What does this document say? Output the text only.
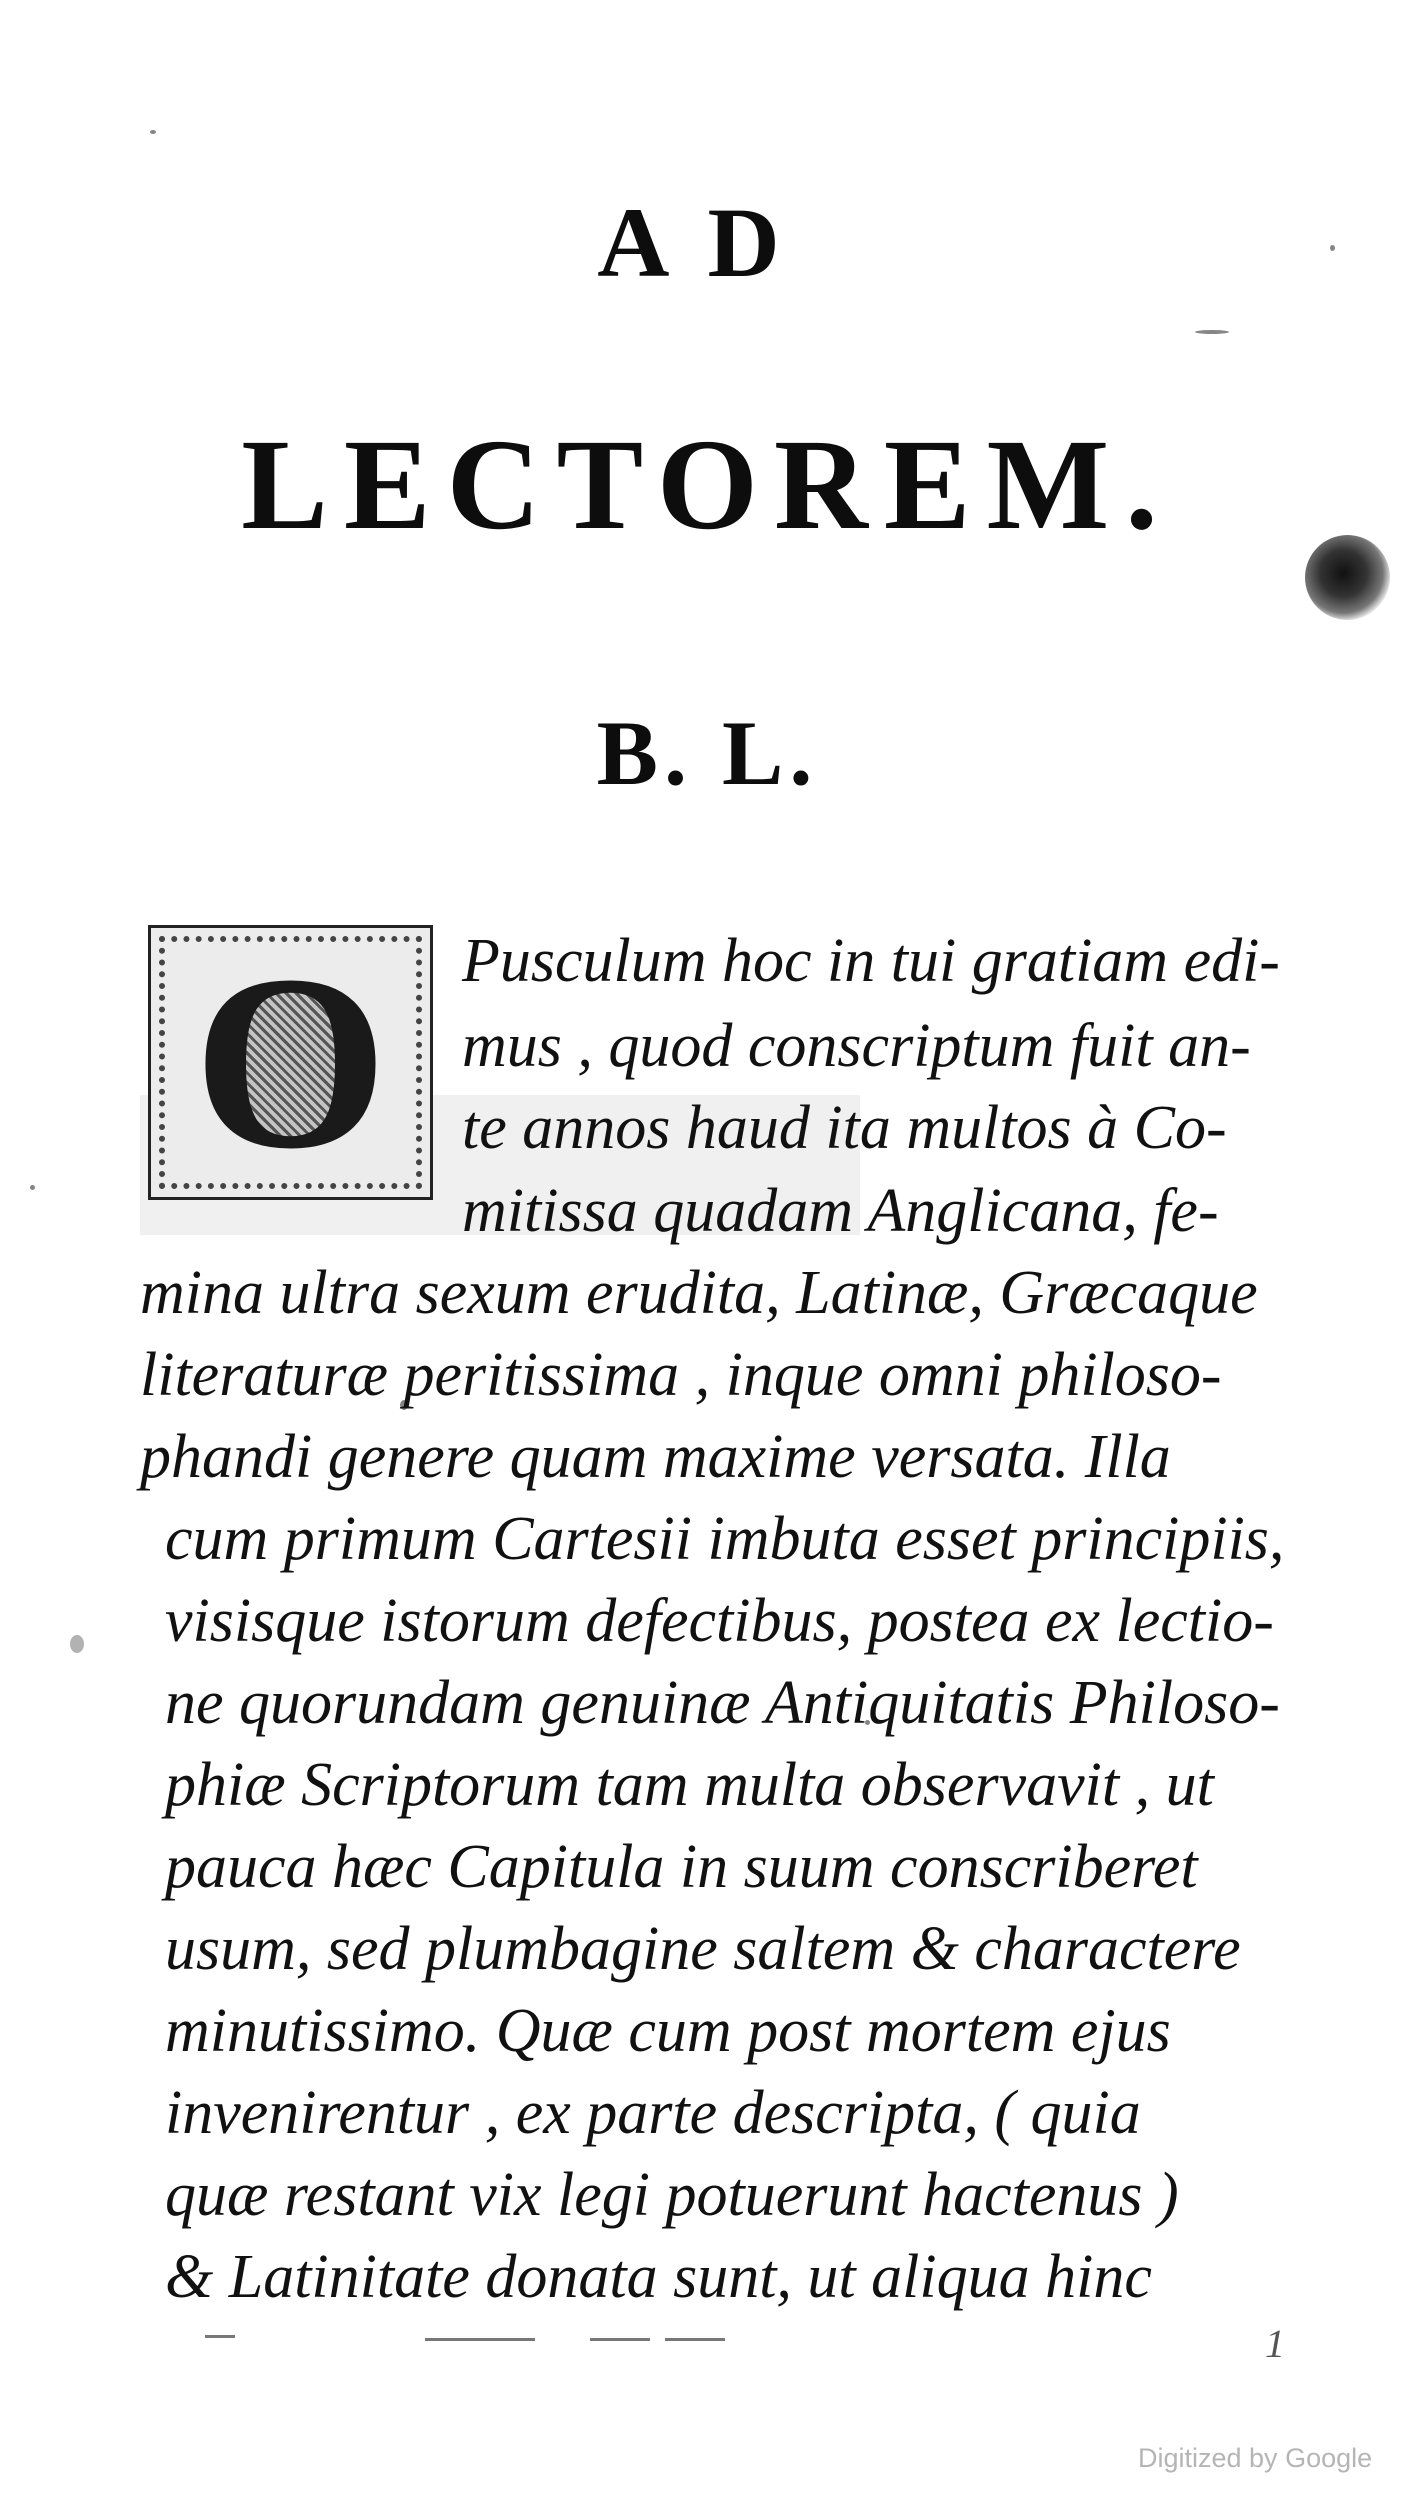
AD
LECTOREM.
B. L.
O	Pusculum hoc in tui gratiam edi-
mus , quod conscriptum fuit an-
te annos haud ita multos à Co-
mitissa quadam Anglicana, fe-
mina ultra sexum erudita, Latinæ, Græcaque
literaturæ peritissima , inque omni philoso-
phandi genere quam maxime versata. Illa
cum primum Cartesii imbuta esset principiis,
visisque istorum defectibus, postea ex lectio-
ne quorundam genuinæ Antiquitatis Philoso-
phiæ Scriptorum tam multa observavit , ut
pauca hæc Capitula in suum conscriberet
usum, sed plumbagine saltem & charactere
minutissimo. Quæ cum post mortem ejus
invenirentur , ex parte descripta, ( quia
quæ restant vix legi potuerunt hactenus )
& Latinitate donata sunt, ut aliqua hinc
1
Digitized by Google
